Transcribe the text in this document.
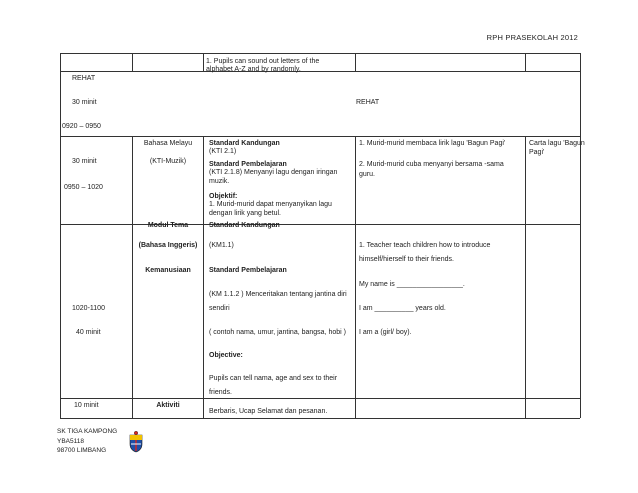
RPH PRASEKOLAH 2012
1. Pupils can sound out letters of the
alphabet A-Z and by randomly.
REHAT
30 minit	REHAT
0920 – 0950
30 minit
0950 – 1020
Bahasa Melayu
(KTI-Muzik)
Standard Kandungan
(KTI 2.1)
Standard Pembelajaran
(KTI 2.1.8) Menyanyi lagu dengan iringan
muzik.
Objektif:
1. Murid-murid dapat menyanyikan lagu
dengan lirik yang betul.
1. Murid-murid membaca lirik lagu 'Bagun Pagi'
2. Murid-murid cuba menyanyi bersama -sama
guru.
Carta lagu 'Bagun
Pagi'
1020-1100
40 minit
Modul Tema
(Bahasa Inggeris)
Kemanusiaan
Standard Kandungan
(KM1.1)
Standard Pembelajaran
(KM 1.1.2 ) Menceritakan tentang jantina diri
sendiri
( contoh nama, umur, jantina, bangsa, hobi )
Objective:
Pupils can tell nama, age and sex to their
friends.
1. Teacher teach children how to introduce
himself/hierself to their friends.
My name is _________________.
I am __________ years old.
I am a (girl/ boy).
10 minit	Aktiviti
Berbaris, Ucap Selamat dan pesanan.
SK TIGA KAMPONG
YBA5118
98700 LIMBANG
